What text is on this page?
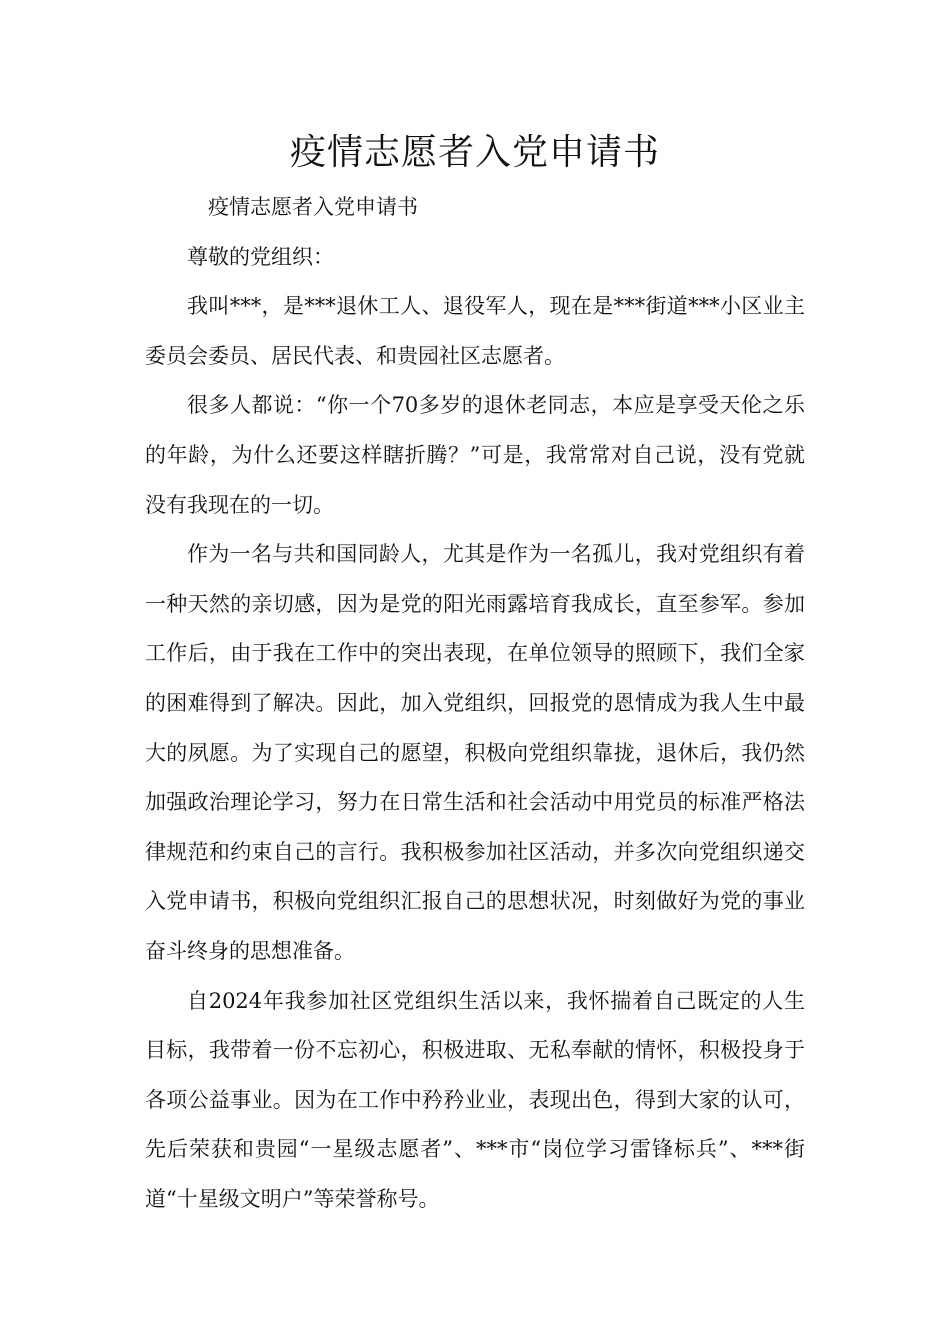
疫情志愿者入党申请书

疫情志愿者入党申请书

尊敬的党组织：

我叫***，是***退休工人、退役军人，现在是***街道***小区业主委员会委员、居民代表、和贵园社区志愿者。

很多人都说：“你一个70多岁的退休老同志，本应是享受天伦之乐的年龄，为什么还要这样瞎折腾？”可是，我常常对自己说，没有党就没有我现在的一切。

作为一名与共和国同龄人，尤其是作为一名孤儿，我对党组织有着一种天然的亲切感，因为是党的阳光雨露培育我成长，直至参军。参加工作后，由于我在工作中的突出表现，在单位领导的照顾下，我们全家的困难得到了解决。因此，加入党组织，回报党的恩情成为我人生中最大的夙愿。为了实现自己的愿望，积极向党组织靠拢，退休后，我仍然加强政治理论学习，努力在日常生活和社会活动中用党员的标准严格法律规范和约束自己的言行。我积极参加社区活动，并多次向党组织递交入党申请书，积极向党组织汇报自己的思想状况，时刻做好为党的事业奋斗终身的思想准备。

自2024年我参加社区党组织生活以来，我怀揣着自己既定的人生目标，我带着一份不忘初心，积极进取、无私奉献的情怀，积极投身于各项公益事业。因为在工作中矜矜业业，表现出色，得到大家的认可，先后荣获和贵园“一星级志愿者”、***市“岗位学习雷锋标兵”、***街道“十星级文明户”等荣誉称号。
